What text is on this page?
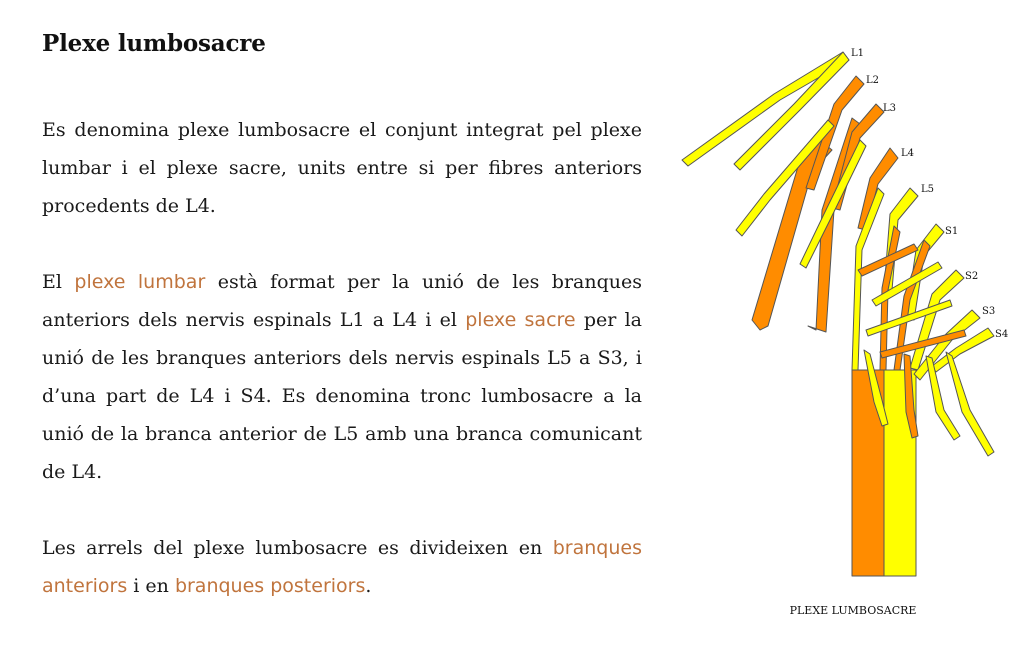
Plexe lumbosacre

Es denomina plexe lumbosacre el conjunt integrat pel plexe lumbar i el plexe sacre, units entre si per fibres anteriors procedents de L4.

El plexe lumbar està format per la unió de les branques anteriors dels nervis espinals L1 a L4 i el plexe sacre per la unió de les branques anteriors dels nervis espinals L5 a S3, i d’una part de L4 i S4. Es denomina tronc lumbosacre a la unió de la branca anterior de L5 amb una branca comunicant de L4.

Les arrels del plexe lumbosacre es divideixen en branques anteriors i en branques posteriors.

L1
L2
L3
L4
L5
S1
S2
S3
S4
PLEXE LUMBOSACRE
